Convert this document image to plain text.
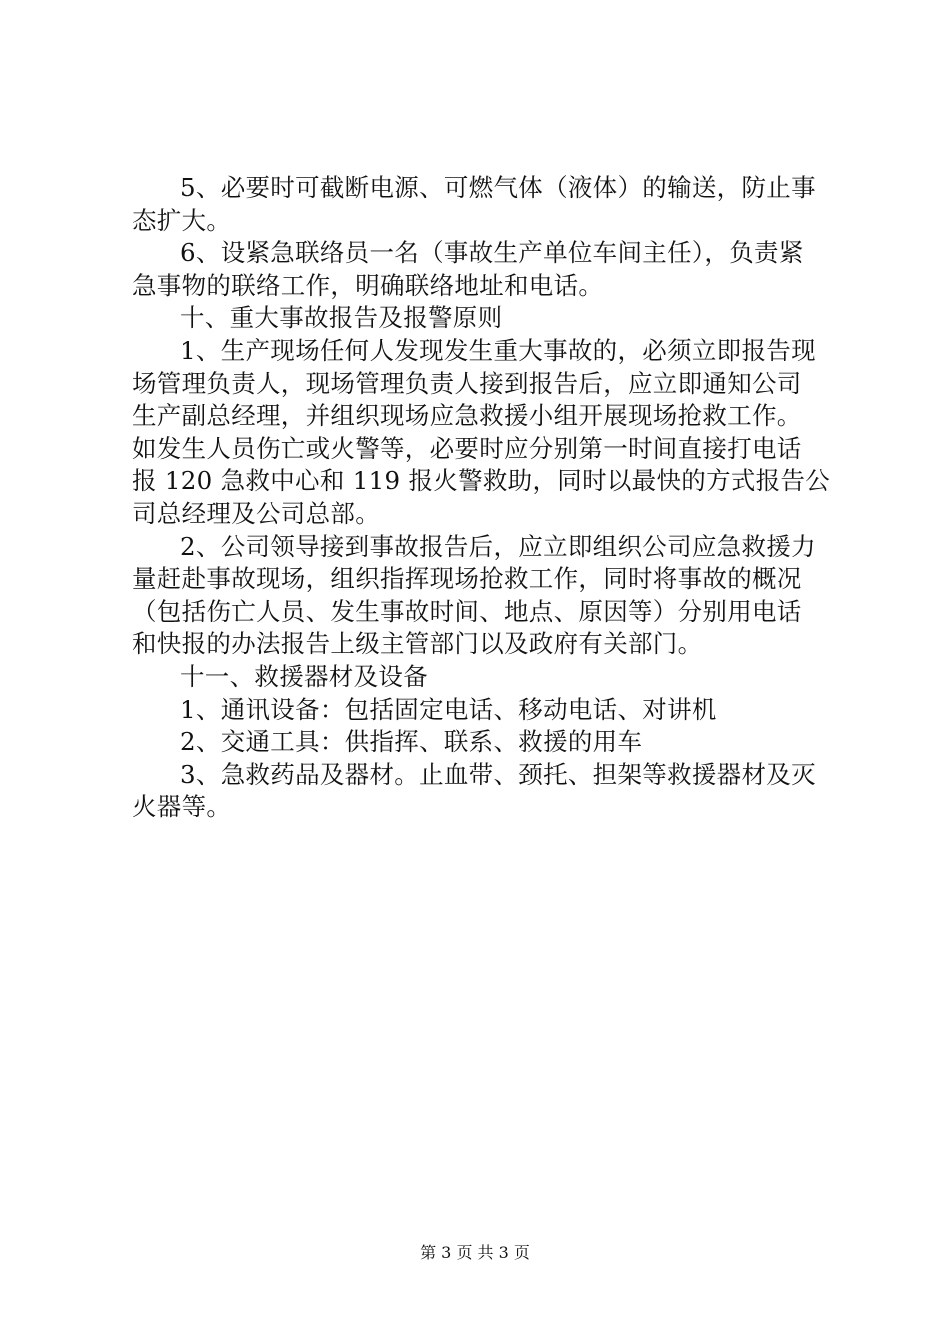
5、必要时可截断电源、可燃气体（液体）的输送，防止事
态扩大。
6、设紧急联络员一名（事故生产单位车间主任），负责紧
急事物的联络工作，明确联络地址和电话。
十、重大事故报告及报警原则
1、生产现场任何人发现发生重大事故的，必须立即报告现
场管理负责人，现场管理负责人接到报告后，应立即通知公司
生产副总经理，并组织现场应急救援小组开展现场抢救工作。
如发生人员伤亡或火警等，必要时应分别第一时间直接打电话
报 120 急救中心和 119 报火警救助，同时以最快的方式报告公
司总经理及公司总部。
2、公司领导接到事故报告后，应立即组织公司应急救援力
量赶赴事故现场，组织指挥现场抢救工作，同时将事故的概况
（包括伤亡人员、发生事故时间、地点、原因等）分别用电话
和快报的办法报告上级主管部门以及政府有关部门。
十一、救援器材及设备
1、通讯设备：包括固定电话、移动电话、对讲机
2、交通工具：供指挥、联系、救援的用车
3、急救药品及器材。止血带、颈托、担架等救援器材及灭
火器等。
第 3 页 共 3 页
